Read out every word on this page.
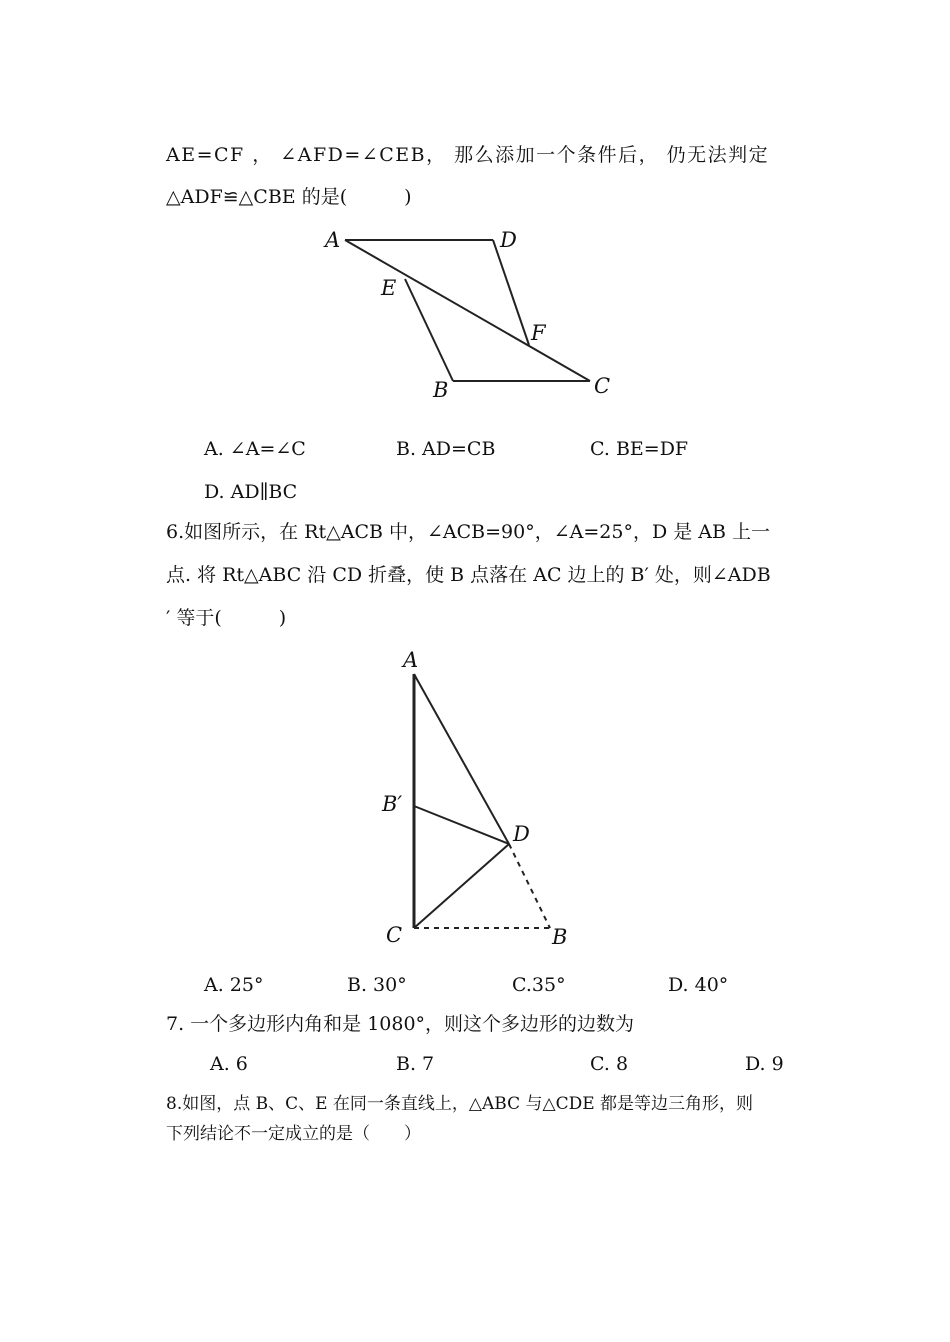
AE=CF ， ∠AFD=∠CEB， 那么添加一个条件后， 仍无法判定
△ADF≌△CBE 的是(　　　)
A	D
E
F
B	C
A
B′
D
C	B
A. ∠A=∠C	B. AD=CB	C. BE=DF
D. AD∥BC
6.如图所示，在 Rt△ACB 中，∠ACB=90°，∠A=25°，D 是 AB 上一
点. 将 Rt△ABC 沿 CD 折叠，使 B 点落在 AC 边上的 B′ 处，则∠ADB
′ 等于(　　　)
A. 25°	B. 30°	C.35°	D. 40°
7. 一个多边形内角和是 1080°，则这个多边形的边数为
A. 6	B. 7	C. 8	D. 9
8.如图，点 B、C、E 在同一条直线上，△ABC 与△CDE 都是等边三角形，则
下列结论不一定成立的是（　　）
